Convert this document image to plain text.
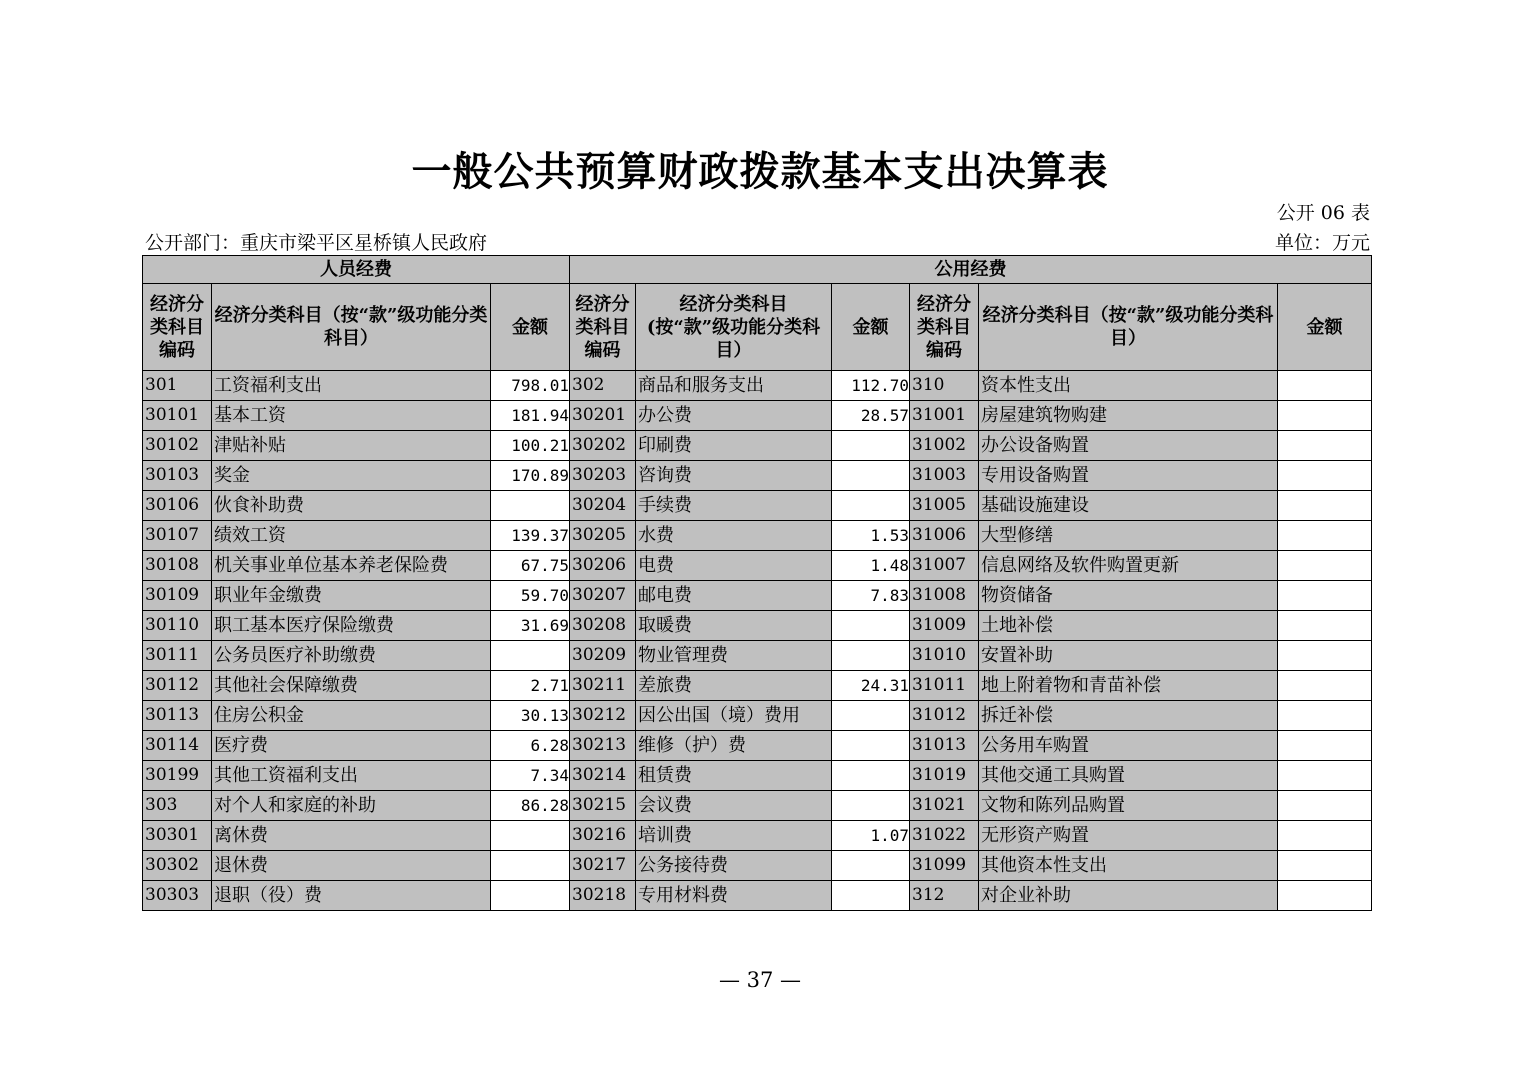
一般公共预算财政拨款基本支出决算表
公开 06 表
公开部门：重庆市梁平区星桥镇人民政府	单位：万元
人员经费			公用经费					
经济分类科目编码	经济分类科目（按“款”级功能分类科目）	金额	经济分类科目编码	经济分类科目(按“款”级功能分类科目）	金额	经济分类科目编码	经济分类科目（按“款”级功能分类科目）	金额
301	工资福利支出	798.01	302	商品和服务支出	112.70	310	资本性支出	
30101	基本工资	181.94	30201	办公费	28.57	31001	房屋建筑物购建	
30102	津贴补贴	100.21	30202	印刷费		31002	办公设备购置	
30103	奖金	170.89	30203	咨询费		31003	专用设备购置	
30106	伙食补助费		30204	手续费		31005	基础设施建设	
30107	绩效工资	139.37	30205	水费	1.53	31006	大型修缮	
30108	机关事业单位基本养老保险费	67.75	30206	电费	1.48	31007	信息网络及软件购置更新	
30109	职业年金缴费	59.70	30207	邮电费	7.83	31008	物资储备	
30110	职工基本医疗保险缴费	31.69	30208	取暖费		31009	土地补偿	
30111	公务员医疗补助缴费		30209	物业管理费		31010	安置补助	
30112	其他社会保障缴费	2.71	30211	差旅费	24.31	31011	地上附着物和青苗补偿	
30113	住房公积金	30.13	30212	因公出国（境）费用		31012	拆迁补偿	
30114	医疗费	6.28	30213	维修（护）费		31013	公务用车购置	
30199	其他工资福利支出	7.34	30214	租赁费		31019	其他交通工具购置	
303	对个人和家庭的补助	86.28	30215	会议费		31021	文物和陈列品购置	
30301	离休费		30216	培训费	1.07	31022	无形资产购置	
30302	退休费		30217	公务接待费		31099	其他资本性支出	
30303	退职（役）费		30218	专用材料费		312	对企业补助	
— 37 —
